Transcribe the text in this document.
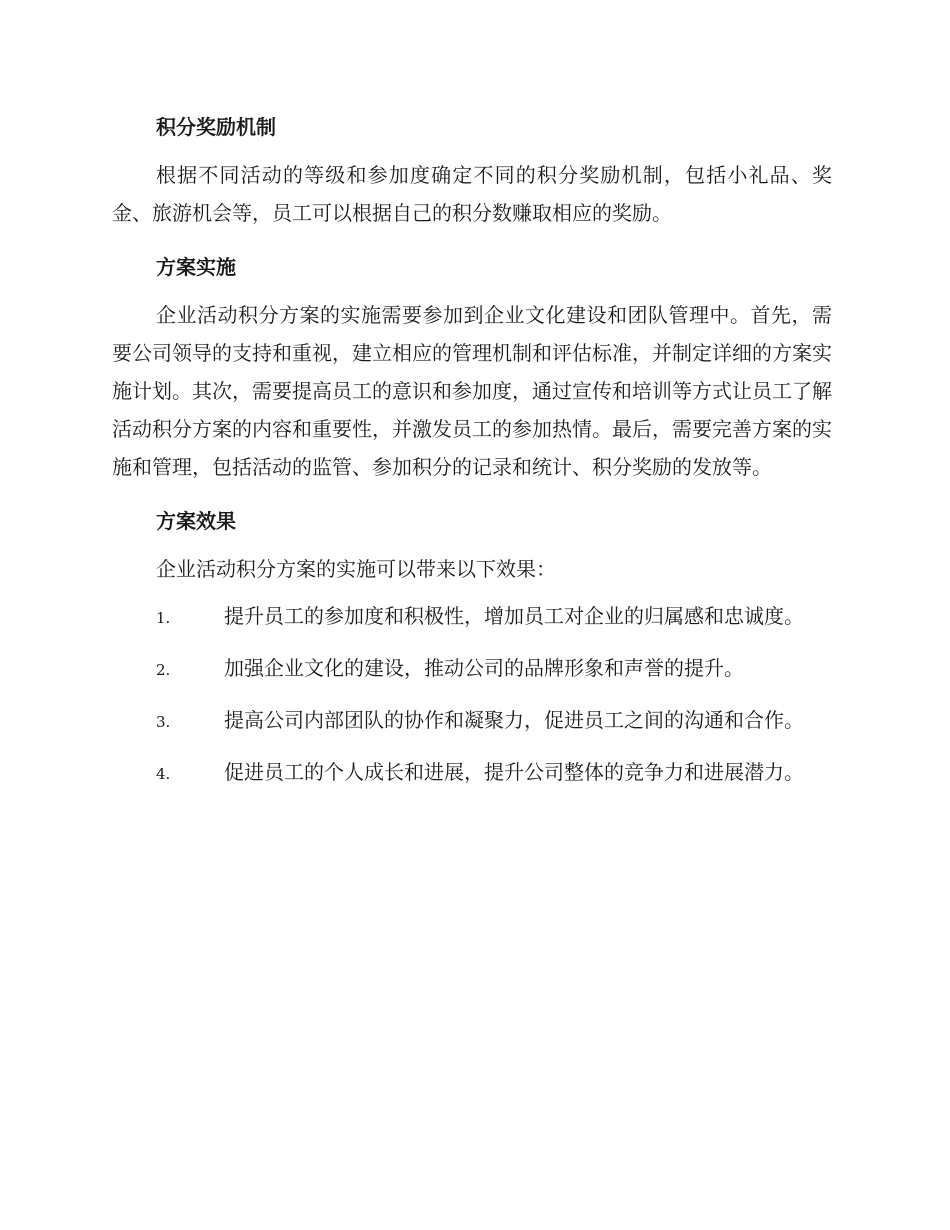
积分奖励机制

根据不同活动的等级和参加度确定不同的积分奖励机制，包括小礼品、奖金、旅游机会等，员工可以根据自己的积分数赚取相应的奖励。

方案实施

企业活动积分方案的实施需要参加到企业文化建设和团队管理中。首先，需要公司领导的支持和重视，建立相应的管理机制和评估标准，并制定详细的方案实施计划。其次，需要提高员工的意识和参加度，通过宣传和培训等方式让员工了解活动积分方案的内容和重要性，并激发员工的参加热情。最后，需要完善方案的实施和管理，包括活动的监管、参加积分的记录和统计、积分奖励的发放等。

方案效果

企业活动积分方案的实施可以带来以下效果：

1.	提升员工的参加度和积极性，增加员工对企业的归属感和忠诚度。
2.	加强企业文化的建设，推动公司的品牌形象和声誉的提升。
3.	提高公司内部团队的协作和凝聚力，促进员工之间的沟通和合作。
4.	促进员工的个人成长和进展，提升公司整体的竞争力和进展潜力。
